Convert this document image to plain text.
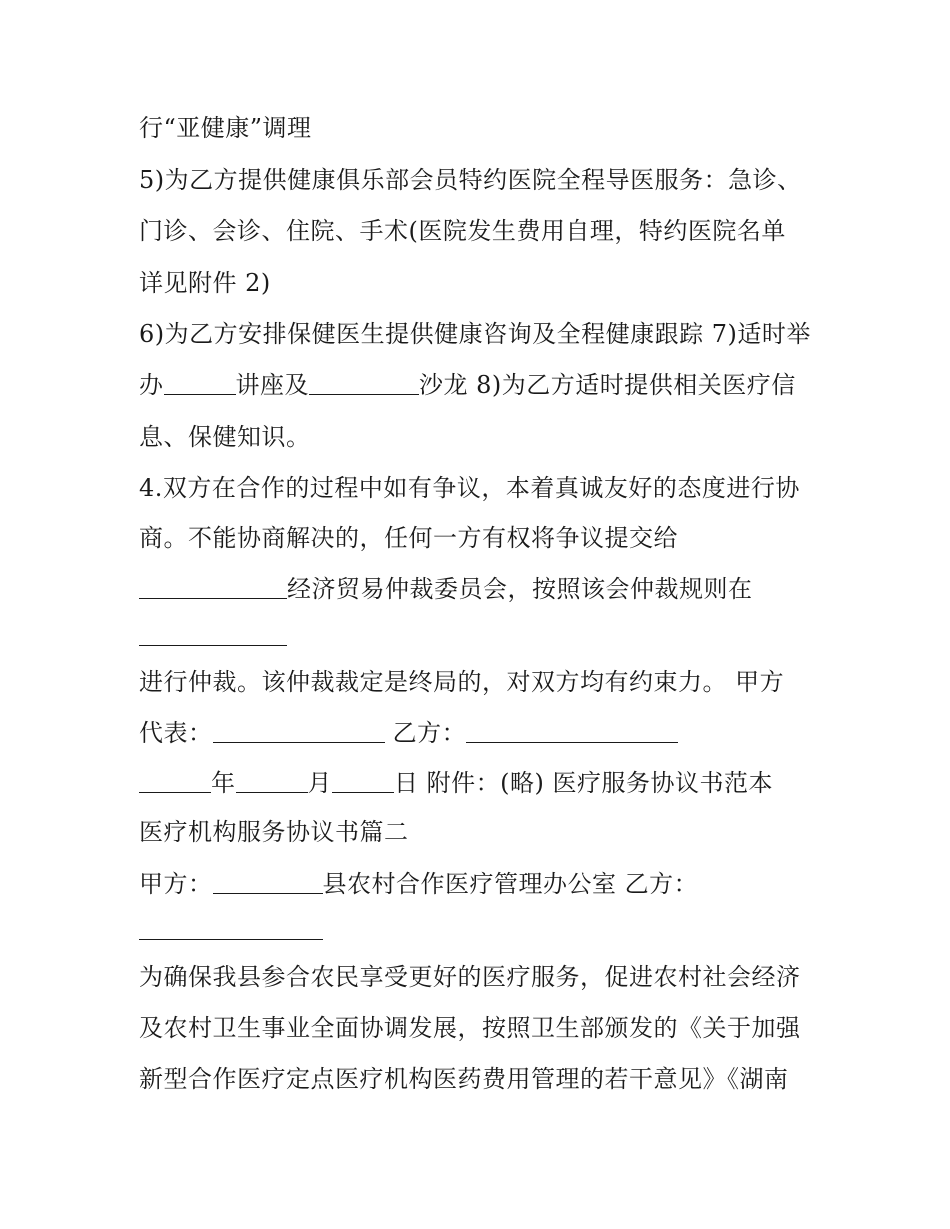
行“亚健康”调理
5)为乙方提供健康俱乐部会员特约医院全程导医服务：急诊、
门诊、会诊、住院、手术(医院发生费用自理，特约医院名单
详见附件 2)
6)为乙方安排保健医生提供健康咨询及全程健康跟踪 7)适时举
办	讲座及	沙龙 8)为乙方适时提供相关医疗信
息、保健知识。
4.双方在合作的过程中如有争议，本着真诚友好的态度进行协
商。不能协商解决的，任何一方有权将争议提交给
经济贸易仲裁委员会，按照该会仲裁规则在
进行仲裁。该仲裁裁定是终局的，对双方均有约束力。 甲方
代表：	乙方：
年	月	日 附件：(略) 医疗服务协议书范本
医疗机构服务协议书篇二
甲方：	县农村合作医疗管理办公室 乙方：
为确保我县参合农民享受更好的医疗服务，促进农村社会经济
及农村卫生事业全面协调发展，按照卫生部颁发的《关于加强
新型合作医疗定点医疗机构医药费用管理的若干意见》《湖南
